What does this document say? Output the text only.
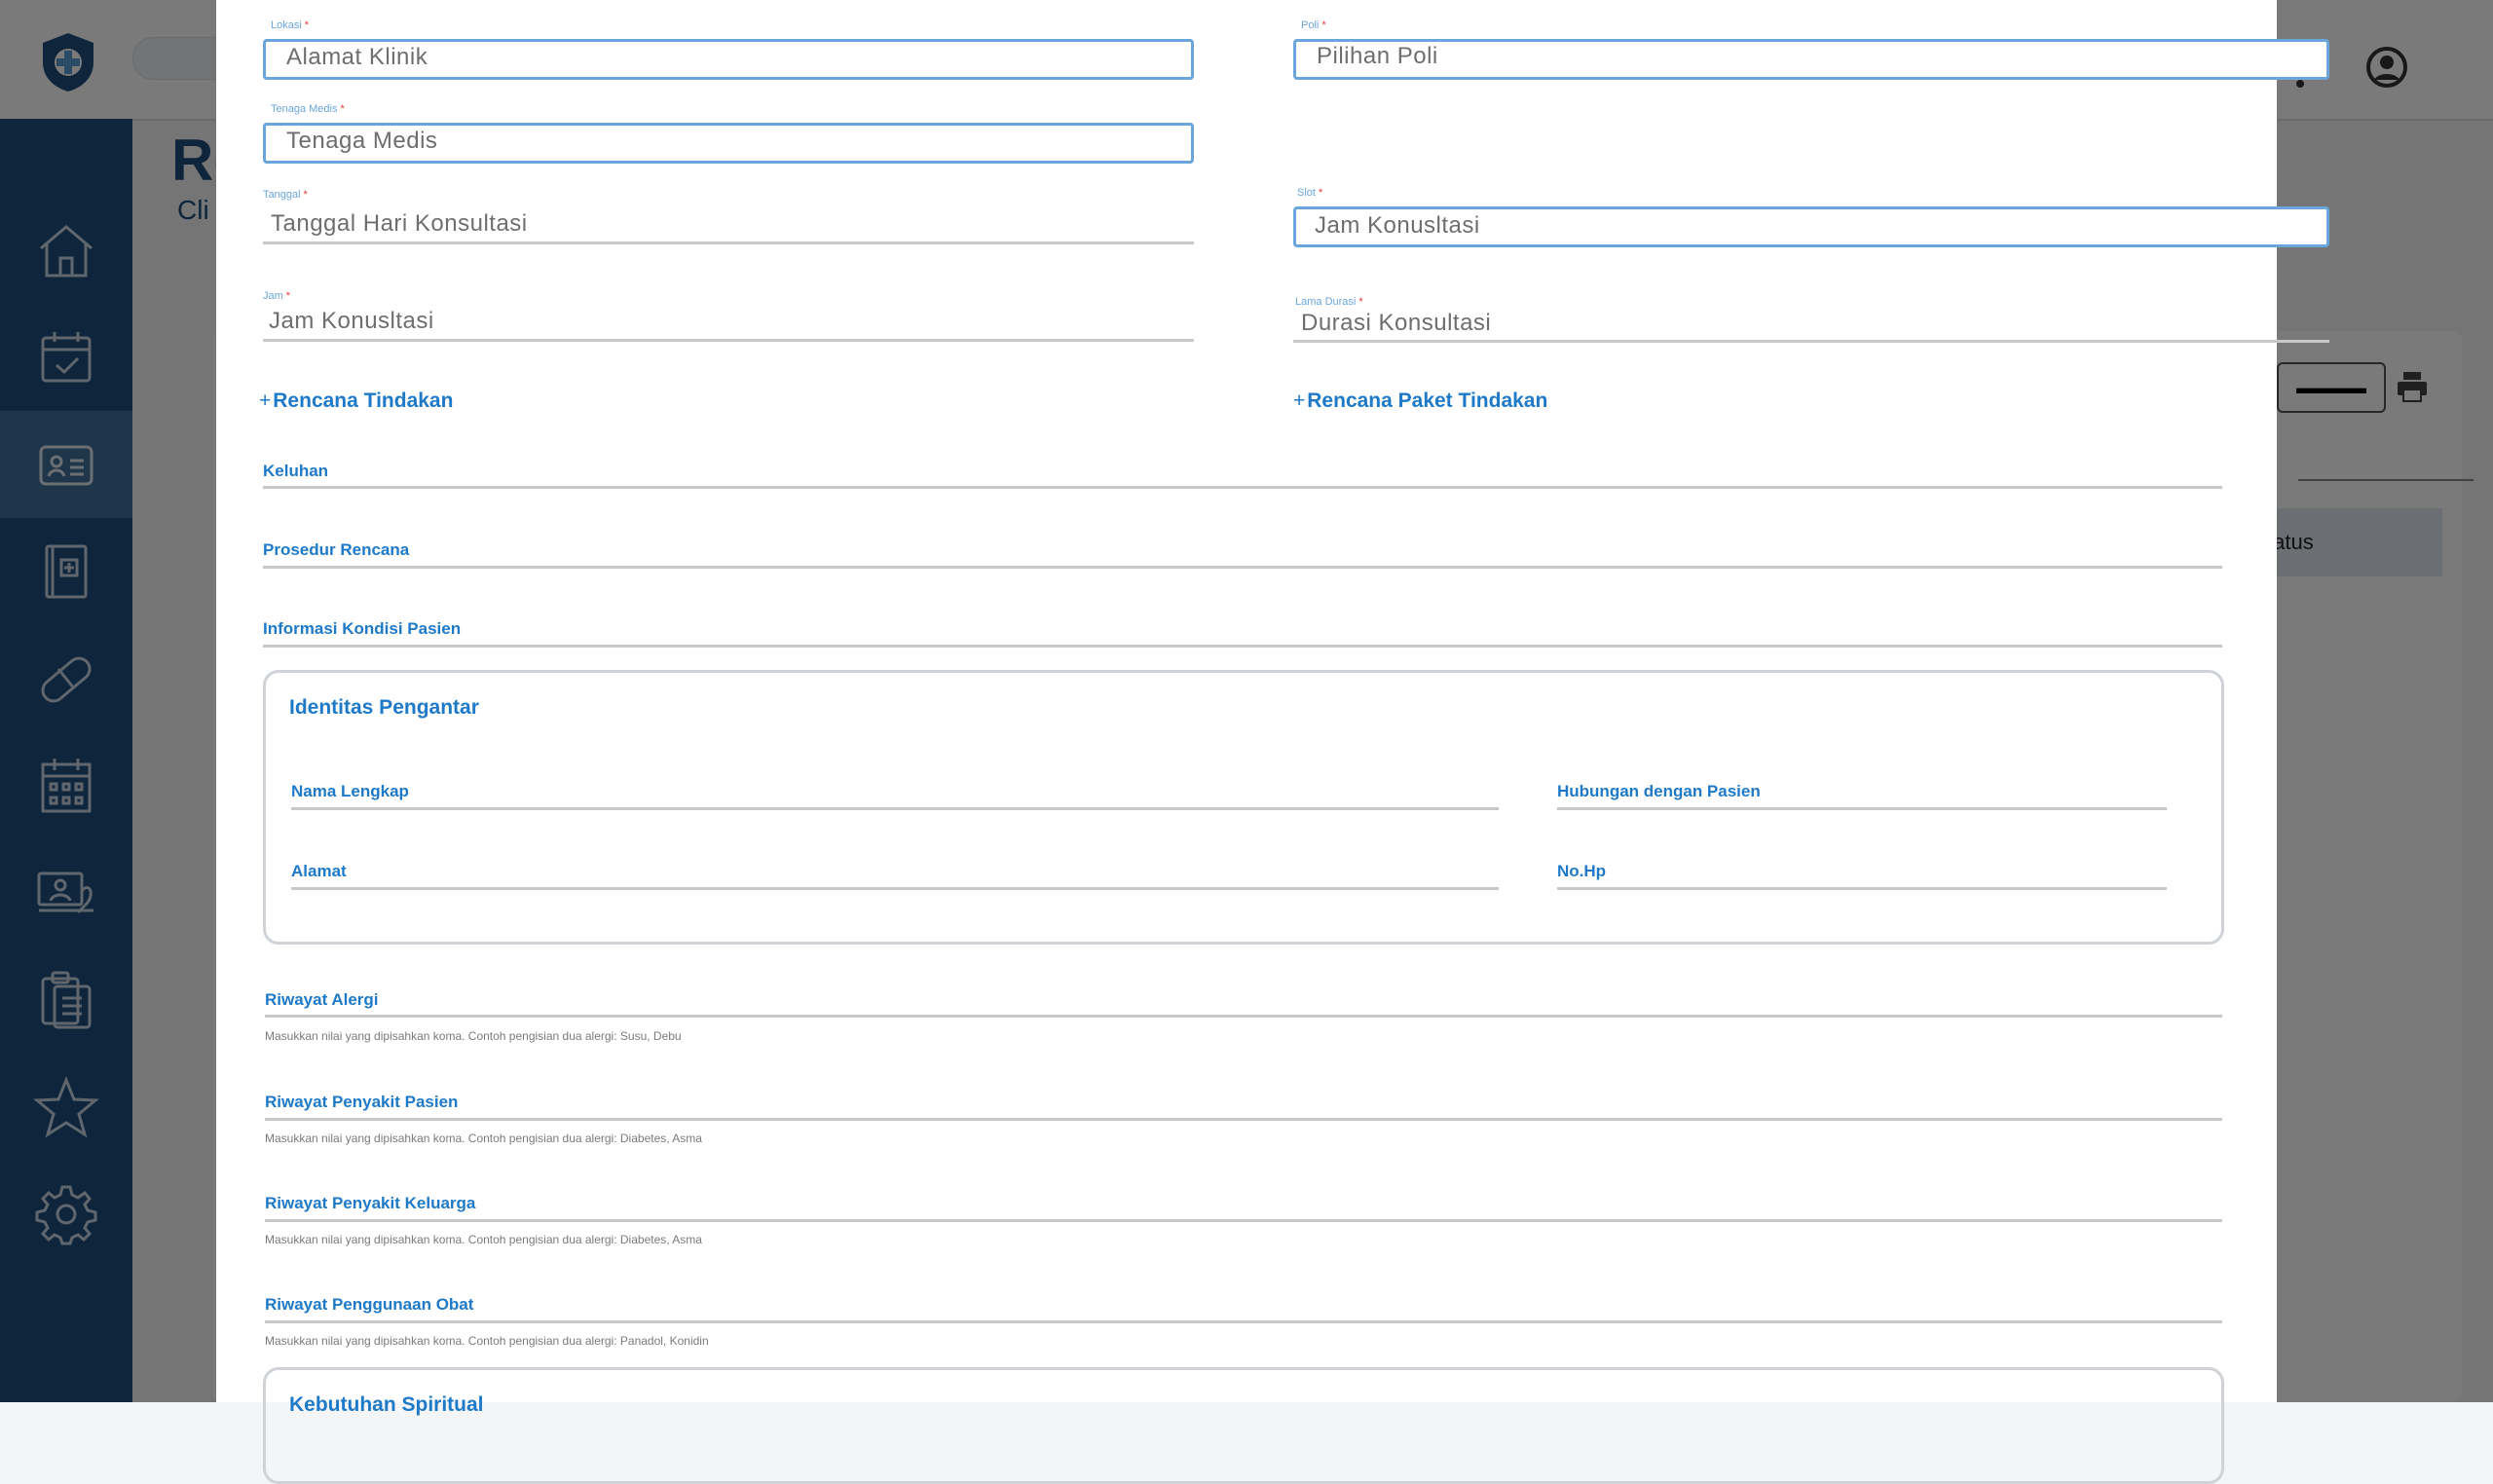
Lokasi *
Alamat Klinik
Poli *
Pilihan Poli
Tenaga Medis *
Tenaga Medis
Tanggal *
Tanggal Hari Konsultasi
Slot *
Jam Konusltasi
Jam *
Jam Konusltasi
Lama Durasi *
Durasi Konsultasi
+Rencana Tindakan	+Rencana Paket Tindakan
Keluhan
Prosedur Rencana
Informasi Kondisi Pasien
Identitas Pengantar
Nama Lengkap	Hubungan dengan Pasien
Alamat	No.Hp
Riwayat Alergi
Masukkan nilai yang dipisahkan koma. Contoh pengisian dua alergi: Susu, Debu
Riwayat Penyakit Pasien
Masukkan nilai yang dipisahkan koma. Contoh pengisian dua alergi: Diabetes, Asma
Riwayat Penyakit Keluarga
Masukkan nilai yang dipisahkan koma. Contoh pengisian dua alergi: Diabetes, Asma
Riwayat Penggunaan Obat
Masukkan nilai yang dipisahkan koma. Contoh pengisian dua alergi: Panadol, Konidin
Kebutuhan Spiritual
